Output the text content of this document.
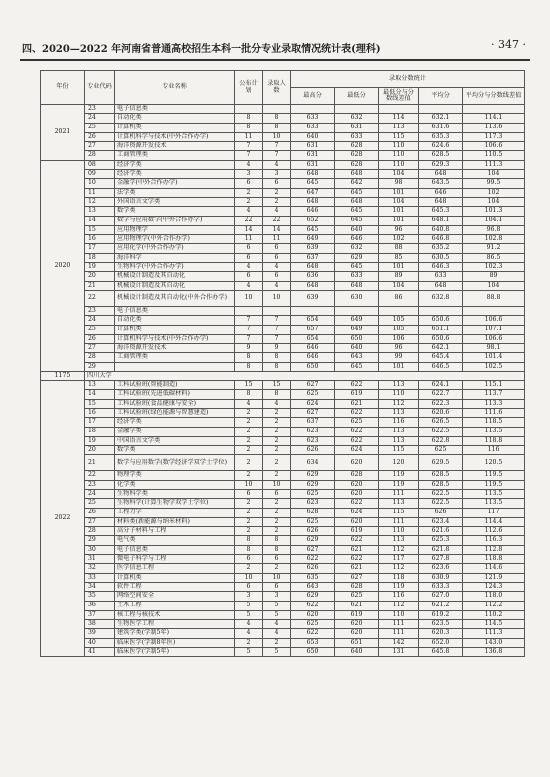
四、2020—2022 年河南省普通高校招生本科一批分专业录取情况统计表(理科)	· 347 ·
年份	专业代码	专业名称	公布计划	录取人数	录取分数统计				
					最高分	最低分	最低分与分数线差值	平均分	平均分与分数线差值
2021	23	电子信息类							
	24	自动化类	8	8	633	632	114	632.1	114.1
	25	计算机类	8	8	633	631	113	631.6	113.6
	26	计算机科学与技术(中外合作办学)	11	10	640	633	115	635.3	117.3
	27	海洋资源开发技术	7	7	631	628	110	624.6	106.6
	28	工商管理类	7	7	631	628	110	628.5	110.5
2020	08	经济学类	4	4	631	628	110	629.3	111.3
	09	经济学类	3	3	648	648	104	648	104
	10	金融学(中外合作办学)	6	6	645	642	98	643.5	99.5
	11	法学类	2	2	647	645	101	646	102
	12	外国语言文学类	2	2	648	648	104	648	104
	13	数学类	4	4	646	645	101	645.3	101.3
	14	数学与应用数学(中外合作办学)	22	22	652	645	101	648.1	104.1
	15	应用物理学	14	14	645	640	96	640.8	96.8
	16	应用物理学(中外合作办学)	11	11	649	646	102	646.8	102.8
	17	应用化学(中外合作办学)	6	6	639	632	88	635.2	91.2
	18	海洋科学	6	6	637	629	85	630.5	86.5
	19	生物科学(中外合作办学)	4	4	648	645	101	646.3	102.3
	20	机械设计制造及其自动化	6	6	636	633	89	633	89
	21	机械设计制造及其自动化	4	4	648	648	104	648	104
	22	机械设计制造及其自动化(中外合作办学)	10	10	639	630	86	632.8	88.8
	23	电子信息类							
	24	自动化类	7	7	654	649	105	650.6	106.6
	25	计算机类	7	7	657	649	105	651.1	107.1
	26	计算机科学与技术(中外合作办学)	7	7	654	650	106	650.6	106.6
	27	海洋资源开发技术	9	9	646	640	96	642.1	98.1
	28	工商管理类	8	8	646	643	99	645.4	101.4
	29		8	8	650	645	101	646.5	102.5
1175	四川大学								
2022	13	工科试验班(智能制造)	15	15	627	622	113	624.1	115.1
	14	工科试验班(先进低碳材料)	8	8	625	619	110	622.7	113.7
	15	工科试验班(食品健康与安全)	4	4	624	621	112	622.3	113.3
	16	工科试验班(绿色能源与智慧建造)	2	2	627	622	113	620.6	111.6
	17	经济学类	2	2	637	625	116	626.5	118.5
	18	金融学类	2	2	623	622	113	622.5	113.5
	19	中国语言文学类	2	2	623	622	113	622.8	118.8
	20	数学类	2	2	626	624	115	625	116
	21	数学与应用数学(数学经济学双学士学位)	2	2	634	620	120	629.5	120.5
	22	物理学类	2	2	629	628	119	628.5	119.5
	23	化学类	10	10	629	620	119	628.5	119.5
	24	生物科学类	6	6	625	620	111	622.5	113.5
	25	生物科学(计算生物学双学士学位)	2	2	623	622	113	622.5	113.5
	26	工程力学	2	2	628	624	115	626	117
	27	材料类(新能源与纳米材料)	2	2	625	620	111	623.4	114.4
	28	高分子材料与工程	2	2	626	619	110	621.6	112.6
	29	电气类	8	8	629	622	113	625.3	116.3
	30	电子信息类	8	8	627	621	112	621.8	112.8
	31	微电子科学与工程	6	6	622	622	117	627.8	118.8
	32	医学信息工程	2	2	626	621	112	623.6	114.6
	33	计算机类	10	10	635	627	118	630.9	121.9
	34	软件工程	6	6	643	628	119	633.3	124.3
	35	网络空间安全	3	3	629	625	116	627.0	118.0
	36	土木工程	5	5	622	621	112	621.2	112.2
	37	核工程与核技术	5	5	620	619	110	619.2	110.2
	38	生物医学工程	4	4	625	620	111	623.5	114.5
	39	建筑学类(学制5年)	4	4	622	620	111	620.3	111.3
	40	临床医学(学制8年医)	2	2	653	651	142	652.0	143.0
	41	临床医学(学制5年)	5	5	650	640	131	645.8	136.8
